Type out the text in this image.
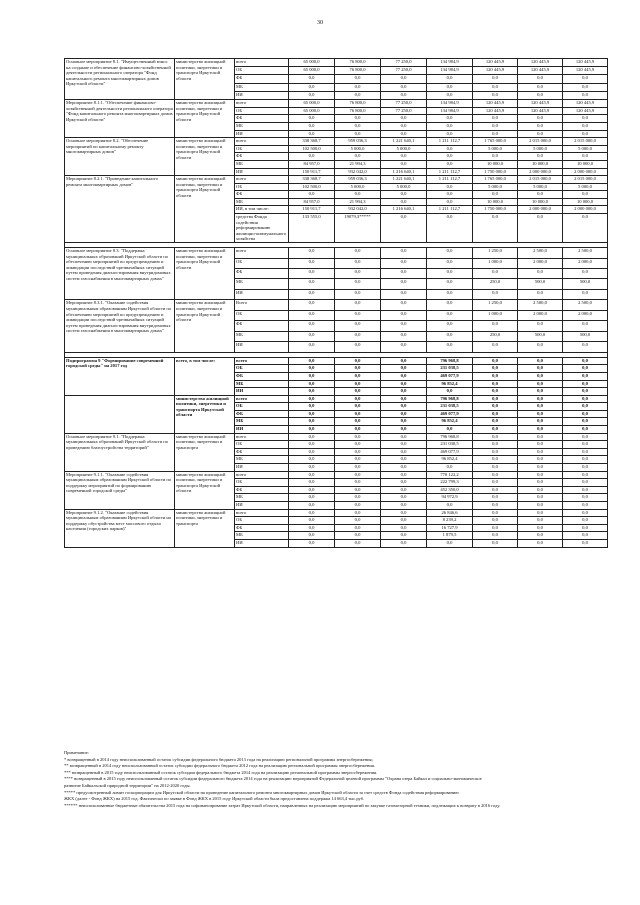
30
Основное мероприятие 8.1. "Имущественный взнос на создание и обеспечение финансово-хозяйственной деятельности регионального оператора "Фонд капитального ремонта многоквартирных домов Иркутской области"	министерство жилищной политики, энергетики и транспорта Иркутской области	всего	65 000,0	76 800,0	77 250,0	134 984,9	120 445,9	120 445,9	120 445,9
		ОБ	65 000,0	76 800,0	77 250,0	134 984,9	120 445,9	120 445,9	120 445,9
		ФБ	0,0	0,0	0,0	0,0	0,0	0,0	0,0
		МБ	0,0	0,0	0,0	0,0	0,0	0,0	0,0
		ИИ	0,0	0,0	0,0	0,0	0,0	0,0	0,0
Мероприятие 8.1.1. "Обеспечение финансово-хозяйственной деятельности регионального оператора "Фонд капитального ремонта многоквартирных домов Иркутской области"	министерство жилищной политики, энергетики и транспорта Иркутской области	всего	65 000,0	76 800,0	77 250,0	134 984,9	120 445,9	120 445,9	120 445,9
		ОБ	65 000,0	76 800,0	77 250,0	134 984,9	120 445,9	120 445,9	120 445,9
		ФБ	0,0	0,0	0,0	0,0	0,0	0,0	0,0
		МБ	0,0	0,0	0,0	0,0	0,0	0,0	0,0
		ИИ	0,0	0,0	0,0	0,0	0,0	0,0	0,0
Основное мероприятие 8.2. "Обеспечение мероприятий по капитальному ремонту многоквартирных домов"	министерство жилищной политики, энергетики и транспорта Иркутской области	всего	338 368,7	959 036,3	1 221 640,1	1 211 112,7	1 765 000,0	2 015 000,0	2 015 000,0
		ОБ	102 500,0	5 000,0	5 000,0	0,0	5 000,0	5 000,0	5 000,0
		ФБ	0,0	0,0	0,0	0,0	0,0	0,0	0,0
		МБ	84 957,0	21 994,3	0,0	0,0	10 000,0	10 000,0	10 000,0
		ИИ	150 911,7	932 042,0	1 216 640,1	1 211 112,7	1 750 000,0	2 000 000,0	2 000 000,0
Мероприятие 8.2.1. "Проведение капитального ремонта многоквартирных домов"	министерство жилищной политики, энергетики и транспорта Иркутской области	всего	338 368,7	959 036,3	1 221 640,1	1 211 112,7	1 765 000,0	2 015 000,0	2 015 000,0
		ОБ	102 500,0	5 000,0	5 000,0	0,0	5 000,0	5 000,0	5 000,0
		ФБ	0,0	0,0	0,0	0,0	0,0	0,0	0,0
		МБ	84 957,0	21 994,3	0,0	0,0	10 000,0	10 000,0	10 000,0
		ИИ, в том числе:	150 911,7	932 042,0	1 216 640,1	1 211 112,7	1 750 000,0	2 000 000,0	2 000 000,0
		средства Фонда содействия реформированию жилищно-коммунального хозяйства	133 555,0	19079,3*****	0,0	0,0	0,0	0,0	0,0

Основное мероприятие 8.3. "Поддержка муниципальных образований Иркутской области по обеспечению мероприятий по предупреждению и ликвидации последствий чрезвычайных ситуаций путем проведения диагностирования внутридомовых систем газоснабжения в многоквартирных домах"	министерство жилищной политики, энергетики и транспорта Иркутской области	всего	0,0	0,0	0,0	0,0	1 250,0	2 500,0	2 500,0
		ОБ	0,0	0,0	0,0	0,0	1 000,0	2 000,0	2 000,0
		ФБ	0,0	0,0	0,0	0,0	0,0	0,0	0,0
		МБ	0,0	0,0	0,0	0,0	250,0	500,0	500,0
		ИИ	0,0	0,0	0,0	0,0	0,0	0,0	0,0
Мероприятие 8.3.1. "Оказание содействия муниципальным образованиям Иркутской области по обеспечению мероприятий по предупреждению и ликвидации последствий чрезвычайных ситуаций путем проведения диагностирования внутридомовых систем газоснабжения в многоквартирных домах"	министерство жилищной политики, энергетики и транспорта Иркутской области	Всего	0,0	0,0	0,0	0,0	1 250,0	2 500,0	2 500,0
		ОБ	0,0	0,0	0,0	0,0	1 000,0	2 000,0	2 000,0
		ФБ	0,0	0,0	0,0	0,0	0,0	0,0	0,0
		МБ	0,0	0,0	0,0	0,0	250,0	500,0	500,0
		ИИ	0,0	0,0	0,0	0,0	0,0	0,0	0,0

Подпрограмма 9 "Формирование современной городской среды" на 2017 год	всего, в том числе:	всего	0,0	0,0	0,0	796 968,8	0,0	0,0	0,0
		ОБ	0,0	0,0	0,0	231 038,5	0,0	0,0	0,0
		ФБ	0,0	0,0	0,0	469 077,9	0,0	0,0	0,0
		МБ	0,0	0,0	0,0	96 852,4	0,0	0,0	0,0
		ИИ	0,0	0,0	0,0	0,0	0,0	0,0	0,0
	министерство жилищной политики, энергетики и транспорта Иркутской области	всего	0,0	0,0	0,0	796 968,8	0,0	0,0	0,0
		ОБ	0,0	0,0	0,0	231 038,5	0,0	0,0	0,0
		ФБ	0,0	0,0	0,0	469 077,9	0,0	0,0	0,0
		МБ	0,0	0,0	0,0	96 852,4	0,0	0,0	0,0
		ИИ	0,0	0,0	0,0	0,0	0,0	0,0	0,0
Основное мероприятие 9.1. "Поддержка муниципальных образований Иркутской области по проведению благоустройства территорий"	министерство жилищной политики, энергетики и транспорта	всего	0,0	0,0	0,0	796 968,8	0,0	0,0	0,0
		ОБ	0,0	0,0	0,0	231 038,5	0,0	0,0	0,0
		ФБ	0,0	0,0	0,0	469 077,9	0,0	0,0	0,0
		МБ	0,0	0,0	0,0	96 852,4	0,0	0,0	0,0
		ИИ	0,0	0,0	0,0	0,0	0,0	0,0	0,0
Мероприятие 9.1.1. "Оказание содействия муниципальным образованиям Иркутской области по поддержку мероприятий по формированию современной городской среды"	министерство жилищной политики, энергетики и транспорта Иркутской области	всего	0,0	0,0	0,0	770 122,2	0,0	0,0	0,0
		ОБ	0,0	0,0	0,0	222 799,3	0,0	0,0	0,0
		ФБ	0,0	0,0	0,0	452 350,0	0,0	0,0	0,0
		МБ	0,0	0,0	0,0	94 972,9	0,0	0,0	0,0
		ИИ	0,0	0,0	0,0	0,0	0,0	0,0	0,0
Мероприятие 9.1.2. "Оказание содействия муниципальным образованиям Иркутской области на поддержку обустройства мест массового отдыха населения (городских парков)"	министерство жилищной политики, энергетики и транспорта	всего	0,0	0,0	0,0	26 846,6	0,0	0,0	0,0
		ОБ	0,0	0,0	0,0	8 239,2	0,0	0,0	0,0
		ФБ	0,0	0,0	0,0	16 727,9	0,0	0,0	0,0
		МБ	0,0	0,0	0,0	1 879,5	0,0	0,0	0,0
		ИИ	0,0	0,0	0,0	0,0	0,0	0,0	0,0
Примечание:
* возвращенный в 2014 году неиспользованный остаток субсидии федерального бюджета 2013 года на реализацию региональной программы энергосбережения;
** возвращенный в 2014 году неиспользованный остаток субсидии федерального бюджета 2012 года на реализацию региональной программы энергосбережения.
*** возвращенный в 2015 году неиспользованный остаток субсидии федерального бюджета 2014 года на реализацию региональной программы энергосбережения.
**** возвращенный в 2015 году неиспользованный остаток субсидии федерального бюджета 2014 года на реализацию мероприятий Федеральной целевой программы "Охрана озера Байкал и социально-экономическое
развитие Байкальской природной территории" на 2012-2020 годы.
***** предусмотренный лимит госкорпорации для Иркутской области на проведение капитального ремонта многоквартирных домов Иркутской области за счет средств Фонда содействия реформированию
ЖКХ (далее - Фонд ЖКХ) на 2015 год. Фактически по заявке в Фонд ЖКХ в 2015 году Иркутской области была предоставлена поддержка 14 663,4 тыс.руб.
****** неиспользованные бюджетные обязательства 2015 года на софинансирование затрат Иркутской области, направленных на реализацию мероприятий по закупке газомоторной техники, подлежащих к возврату в 2016 году.
